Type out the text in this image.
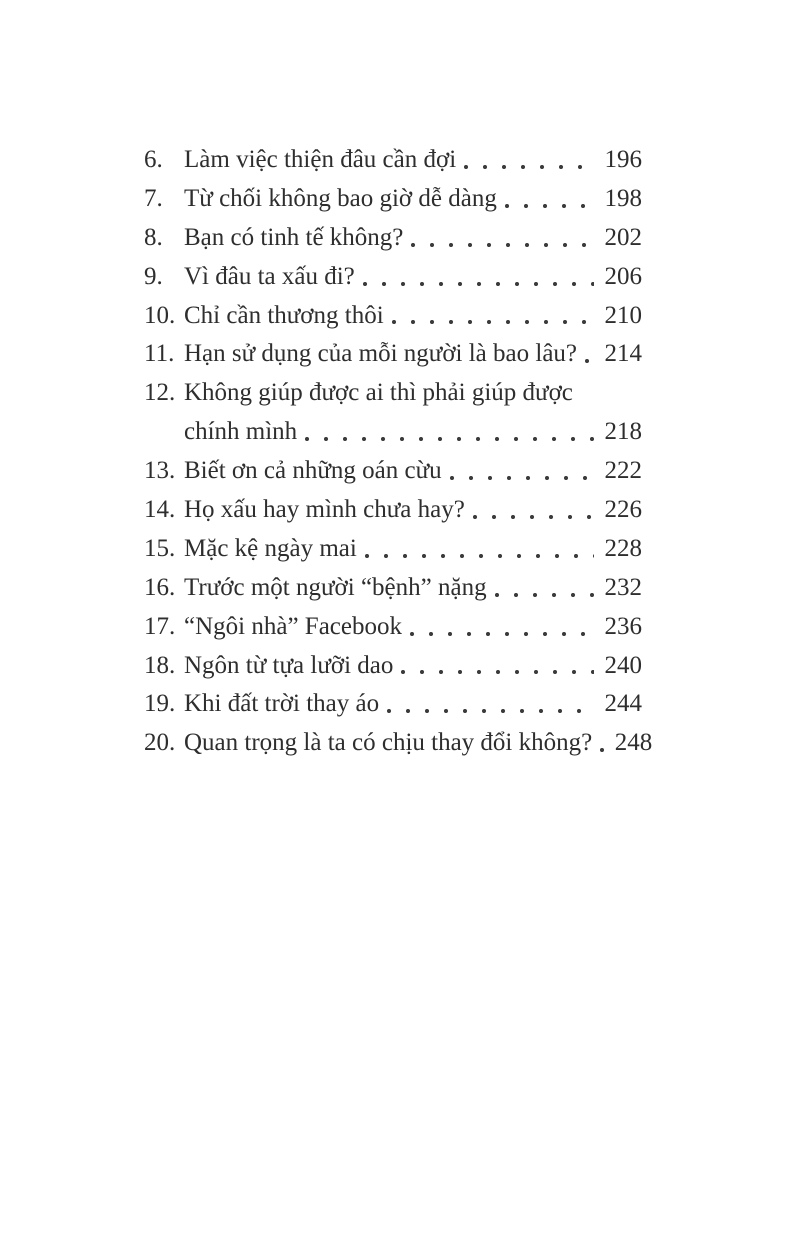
6. Làm việc thiện đâu cần đợi	196
7. Từ chối không bao giờ dễ dàng	198
8. Bạn có tinh tế không?	202
9. Vì đâu ta xấu đi?	206
10. Chỉ cần thương thôi	210
11. Hạn sử dụng của mỗi người là bao lâu? 214
12. Không giúp được ai thì phải giúp được
chính mình	218
13. Biết ơn cả những oán cừu	222
14. Họ xấu hay mình chưa hay?	226
15. Mặc kệ ngày mai	228
16. Trước một người “bệnh” nặng	232
17. “Ngôi nhà” Facebook	236
18. Ngôn từ tựa lưỡi dao	240
19. Khi đất trời thay áo	244
20. Quan trọng là ta có chịu thay đổi không? 248
